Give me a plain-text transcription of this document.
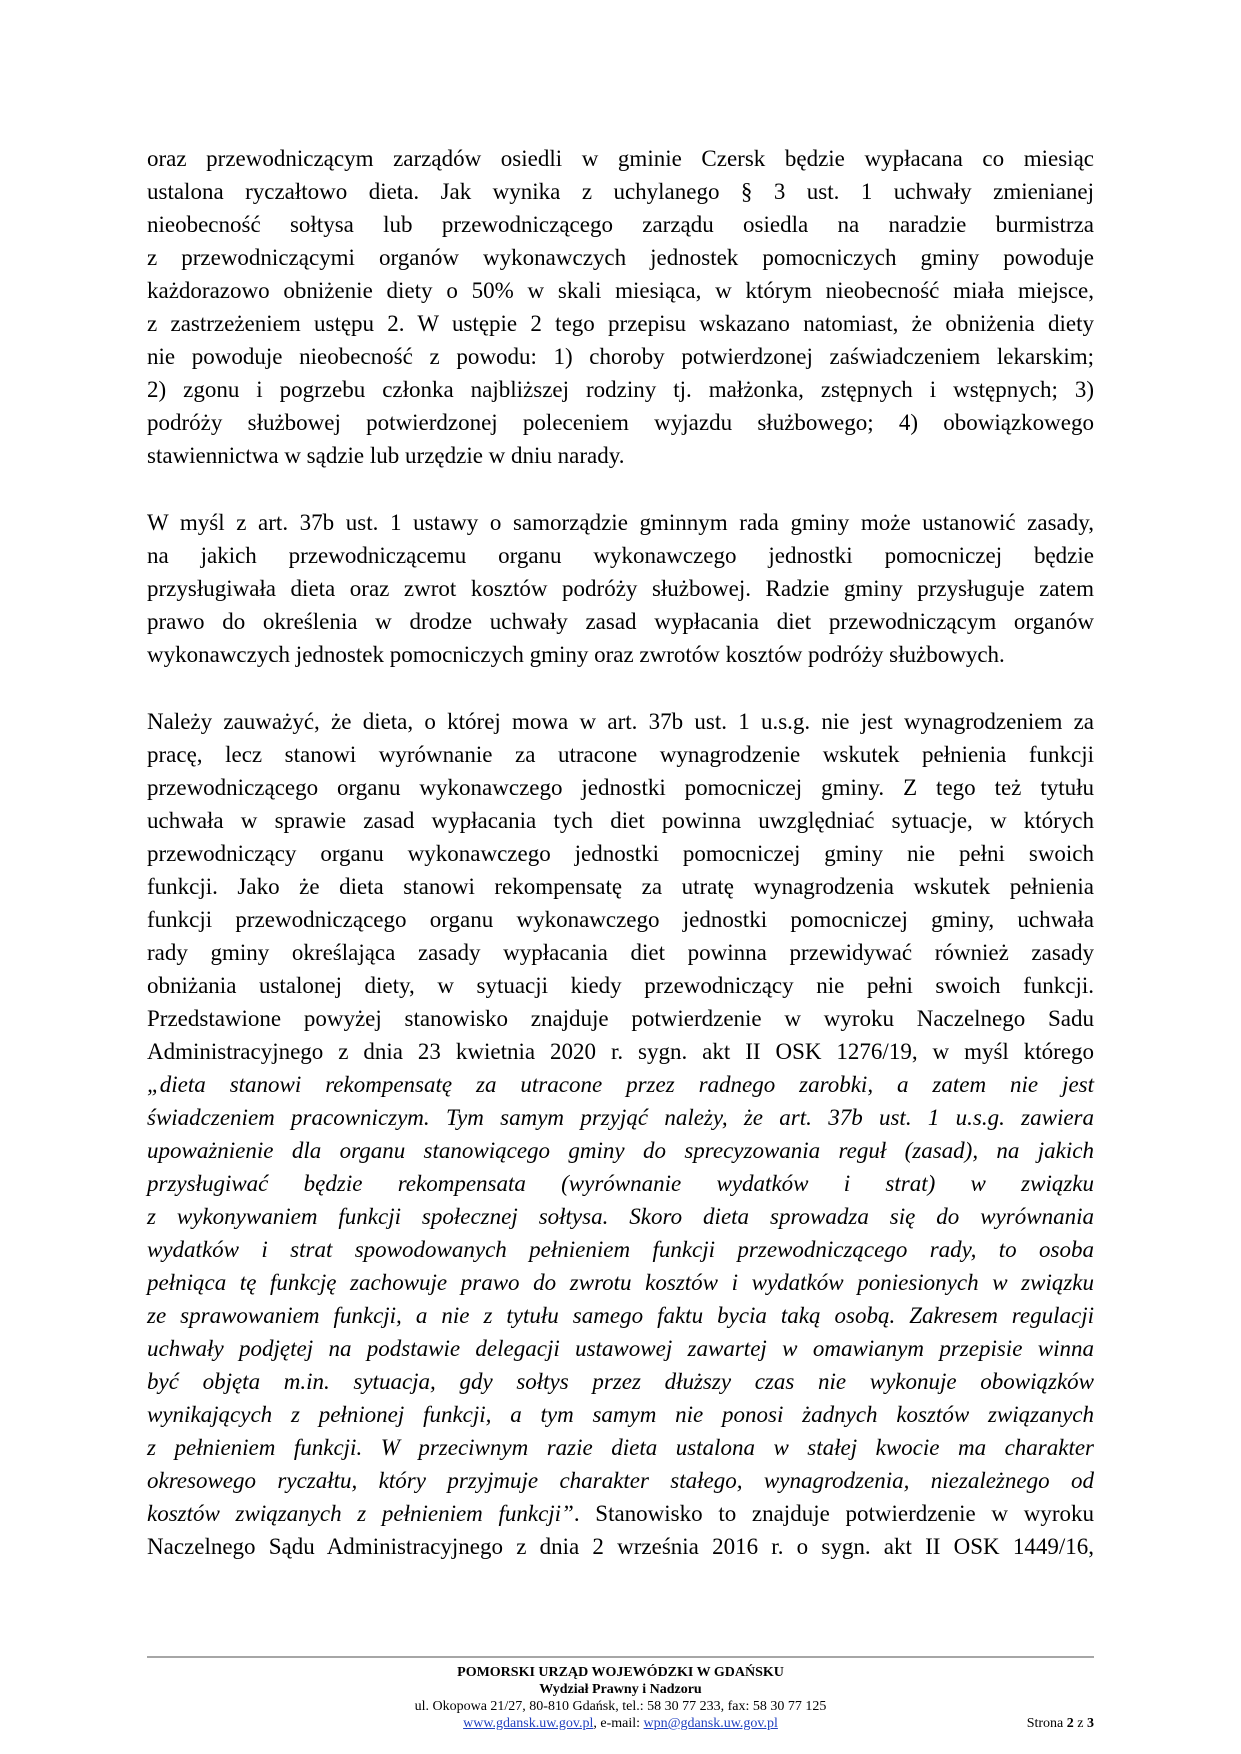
oraz przewodniczącym zarządów osiedli w gminie Czersk będzie wypłacana co miesiąc
ustalona ryczałtowo dieta. Jak wynika z uchylanego § 3 ust. 1 uchwały zmienianej
nieobecność sołtysa lub przewodniczącego zarządu osiedla na naradzie burmistrza
z przewodniczącymi organów wykonawczych jednostek pomocniczych gminy powoduje
każdorazowo obniżenie diety o 50% w skali miesiąca, w którym nieobecność miała miejsce,
z zastrzeżeniem ustępu 2. W ustępie 2 tego przepisu wskazano natomiast, że obniżenia diety
nie powoduje nieobecność z powodu: 1) choroby potwierdzonej zaświadczeniem lekarskim;
2) zgonu i pogrzebu członka najbliższej rodziny tj. małżonka, zstępnych i wstępnych; 3)
podróży służbowej potwierdzonej poleceniem wyjazdu służbowego; 4) obowiązkowego
stawiennictwa w sądzie lub urzędzie w dniu narady.
W myśl z art. 37b ust. 1 ustawy o samorządzie gminnym rada gminy może ustanowić zasady,
na jakich przewodniczącemu organu wykonawczego jednostki pomocniczej będzie
przysługiwała dieta oraz zwrot kosztów podróży służbowej. Radzie gminy przysługuje zatem
prawo do określenia w drodze uchwały zasad wypłacania diet przewodniczącym organów
wykonawczych jednostek pomocniczych gminy oraz zwrotów kosztów podróży służbowych.
Należy zauważyć, że dieta, o której mowa w art. 37b ust. 1 u.s.g. nie jest wynagrodzeniem za
pracę, lecz stanowi wyrównanie za utracone wynagrodzenie wskutek pełnienia funkcji
przewodniczącego organu wykonawczego jednostki pomocniczej gminy. Z tego też tytułu
uchwała w sprawie zasad wypłacania tych diet powinna uwzględniać sytuacje, w których
przewodniczący organu wykonawczego jednostki pomocniczej gminy nie pełni swoich
funkcji. Jako że dieta stanowi rekompensatę za utratę wynagrodzenia wskutek pełnienia
funkcji przewodniczącego organu wykonawczego jednostki pomocniczej gminy, uchwała
rady gminy określająca zasady wypłacania diet powinna przewidywać również zasady
obniżania ustalonej diety, w sytuacji kiedy przewodniczący nie pełni swoich funkcji.
Przedstawione powyżej stanowisko znajduje potwierdzenie w wyroku Naczelnego Sadu
Administracyjnego z dnia 23 kwietnia 2020 r. sygn. akt II OSK 1276/19, w myśl którego
„dieta stanowi rekompensatę za utracone przez radnego zarobki, a zatem nie jest
świadczeniem pracowniczym. Tym samym przyjąć należy, że art. 37b ust. 1 u.s.g. zawiera
upoważnienie dla organu stanowiącego gminy do sprecyzowania reguł (zasad), na jakich
przysługiwać będzie rekompensata (wyrównanie wydatków i strat) w związku
z wykonywaniem funkcji społecznej sołtysa. Skoro dieta sprowadza się do wyrównania
wydatków i strat spowodowanych pełnieniem funkcji przewodniczącego rady, to osoba
pełniąca tę funkcję zachowuje prawo do zwrotu kosztów i wydatków poniesionych w związku
ze sprawowaniem funkcji, a nie z tytułu samego faktu bycia taką osobą. Zakresem regulacji
uchwały podjętej na podstawie delegacji ustawowej zawartej w omawianym przepisie winna
być objęta m.in. sytuacja, gdy sołtys przez dłuższy czas nie wykonuje obowiązków
wynikających z pełnionej funkcji, a tym samym nie ponosi żadnych kosztów związanych
z pełnieniem funkcji. W przeciwnym razie dieta ustalona w stałej kwocie ma charakter
okresowego ryczałtu, który przyjmuje charakter stałego, wynagrodzenia, niezależnego od
kosztów związanych z pełnieniem funkcji”. Stanowisko to znajduje potwierdzenie w wyroku
Naczelnego Sądu Administracyjnego z dnia 2 września 2016 r. o sygn. akt II OSK 1449/16,
POMORSKI URZĄD WOJEWÓDZKI W GDAŃSKU
Wydział Prawny i Nadzoru
ul. Okopowa 21/27, 80-810 Gdańsk, tel.: 58 30 77 233, fax: 58 30 77 125
www.gdansk.uw.gov.pl, e-mail: wpn@gdansk.uw.gov.pl	Strona 2 z 3
